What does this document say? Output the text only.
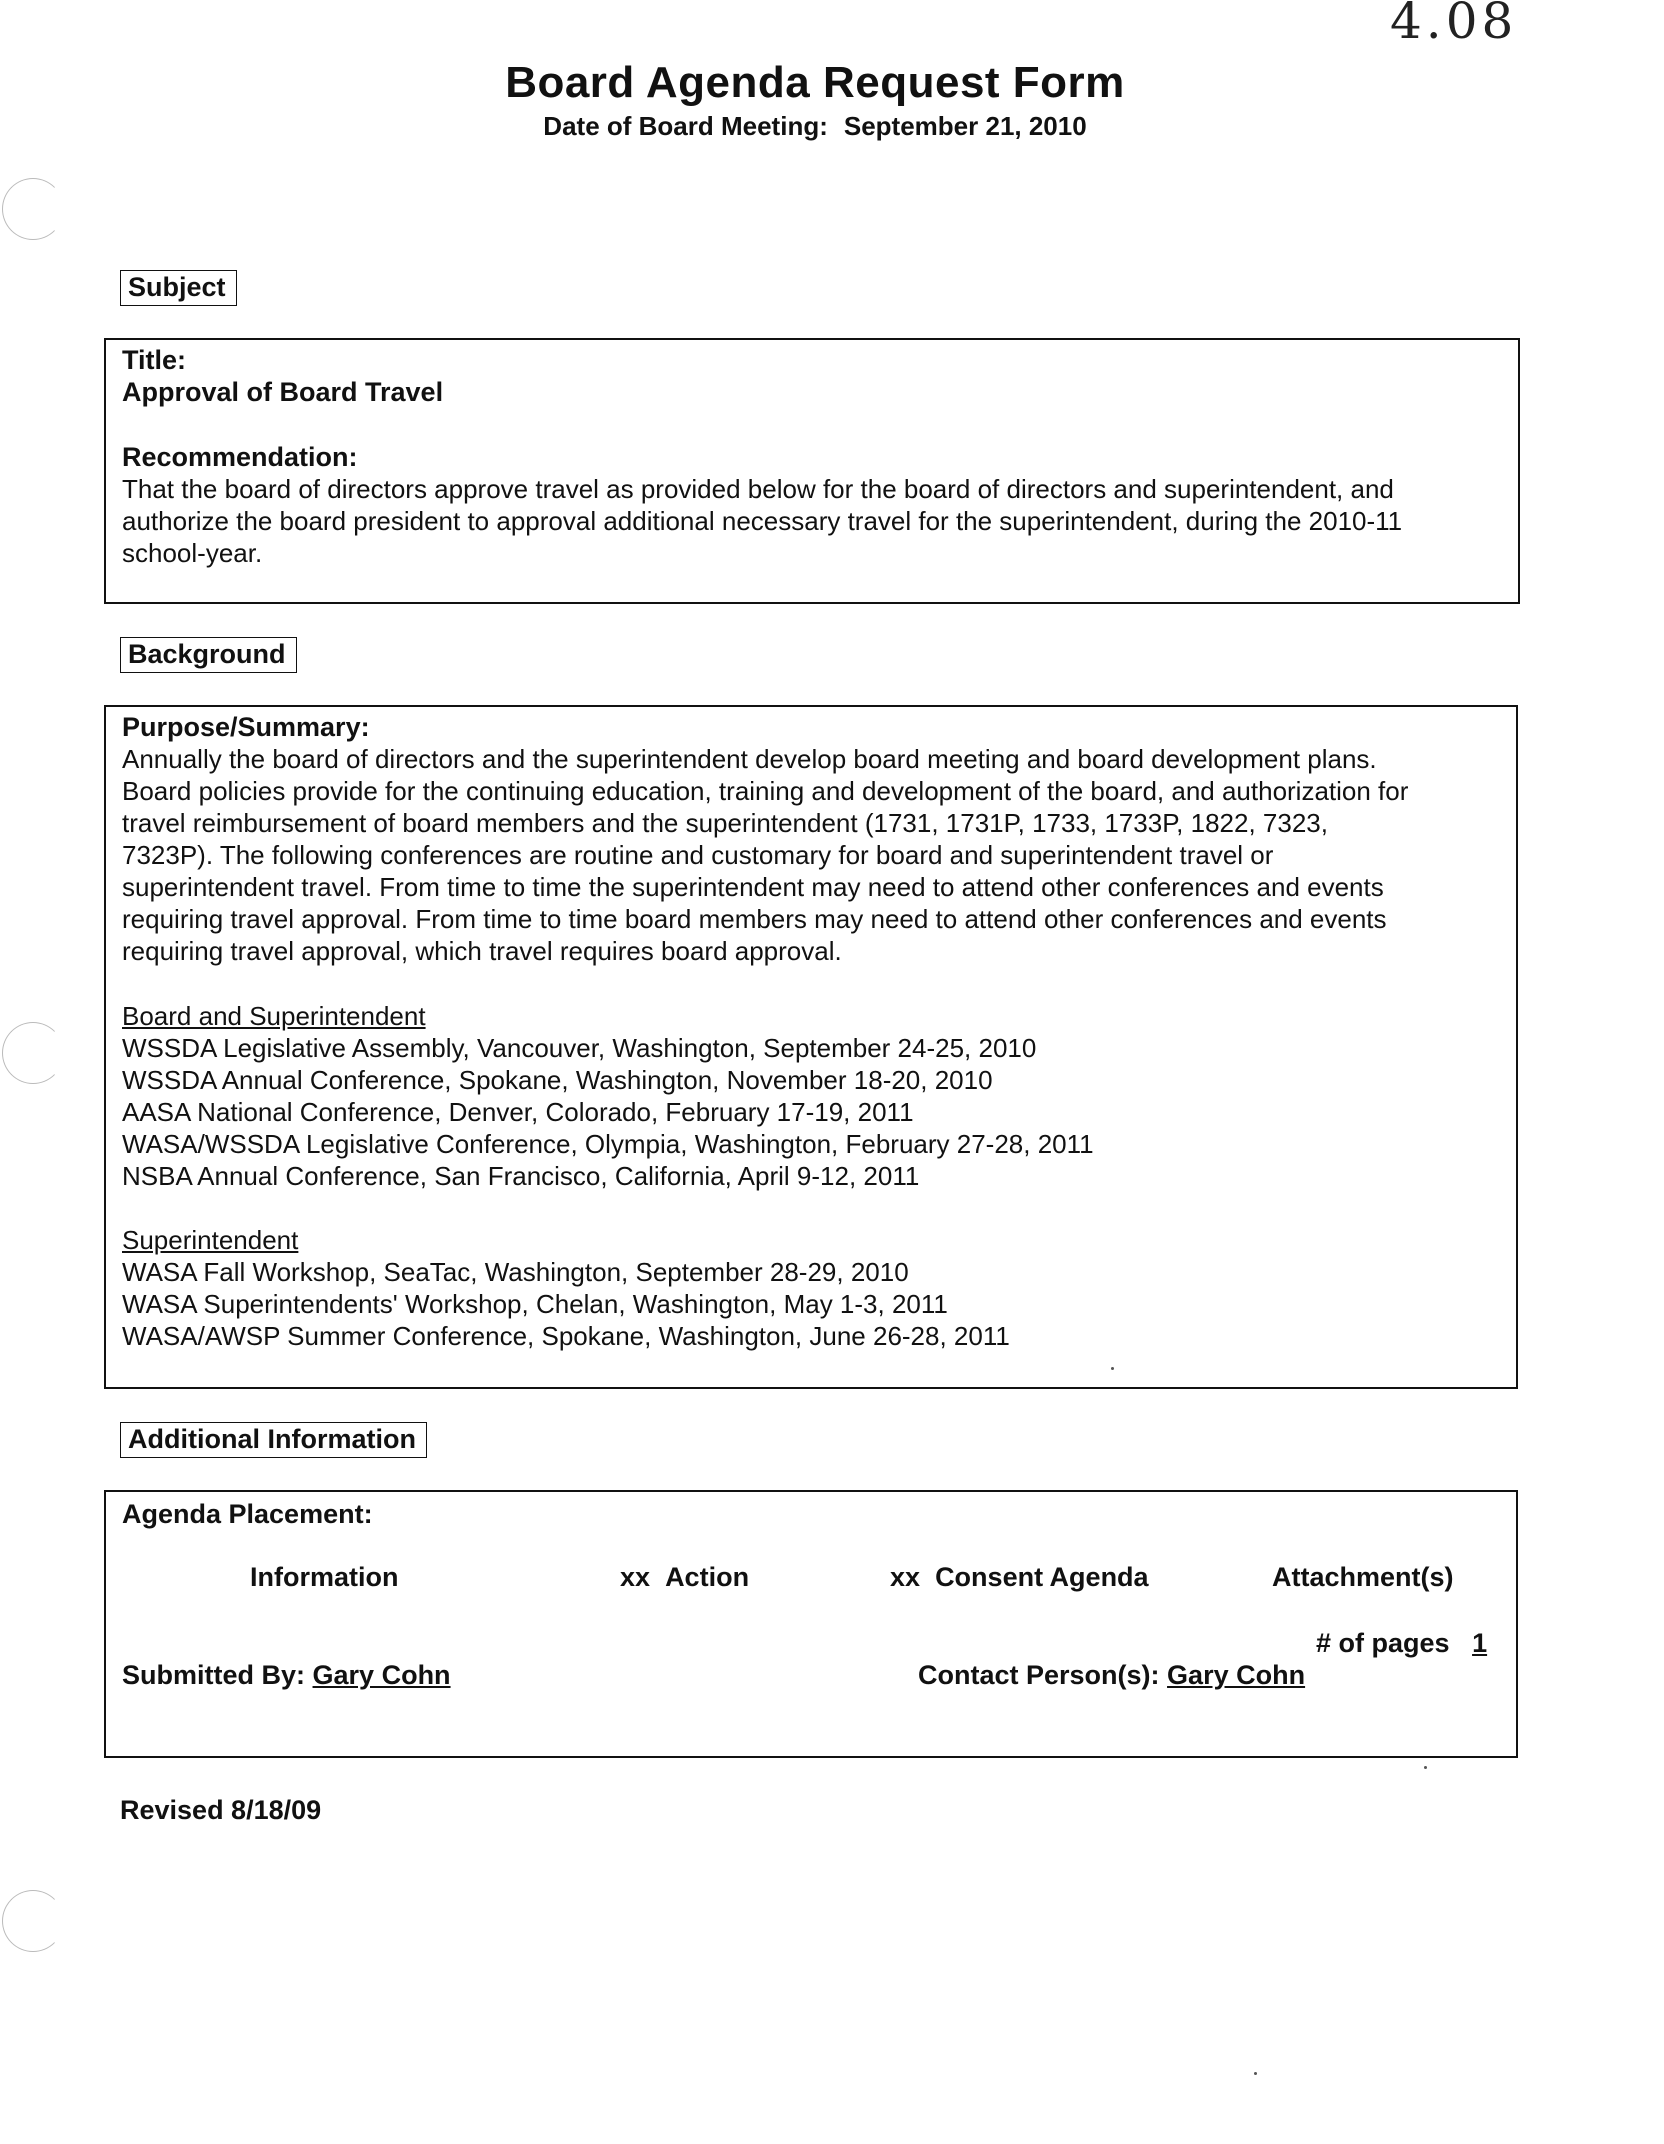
4.08
Board Agenda Request Form
Date of Board Meeting: September 21, 2010
Subject
Title:
Approval of Board Travel
Recommendation:
That the board of directors approve travel as provided below for the board of directors and superintendent, and
authorize the board president to approval additional necessary travel for the superintendent, during the 2010-11
school-year.
Background
Purpose/Summary:
Annually the board of directors and the superintendent develop board meeting and board development plans.
Board policies provide for the continuing education, training and development of the board, and authorization for
travel reimbursement of board members and the superintendent (1731, 1731P, 1733, 1733P, 1822, 7323,
7323P). The following conferences are routine and customary for board and superintendent travel or
superintendent travel. From time to time the superintendent may need to attend other conferences and events
requiring travel approval. From time to time board members may need to attend other conferences and events
requiring travel approval, which travel requires board approval.
Board and Superintendent
WSSDA Legislative Assembly, Vancouver, Washington, September 24-25, 2010
WSSDA Annual Conference, Spokane, Washington, November 18-20, 2010
AASA National Conference, Denver, Colorado, February 17-19, 2011
WASA/WSSDA Legislative Conference, Olympia, Washington, February 27-28, 2011
NSBA Annual Conference, San Francisco, California, April 9-12, 2011
Superintendent
WASA Fall Workshop, SeaTac, Washington, September 28-29, 2010
WASA Superintendents' Workshop, Chelan, Washington, May 1-3, 2011
WASA/AWSP Summer Conference, Spokane, Washington, June 26-28, 2011
Additional Information
Agenda Placement:
Information	xx Action	xx Consent Agenda	Attachment(s)
# of pages 1
Submitted By: Gary Cohn	Contact Person(s): Gary Cohn
Revised 8/18/09
